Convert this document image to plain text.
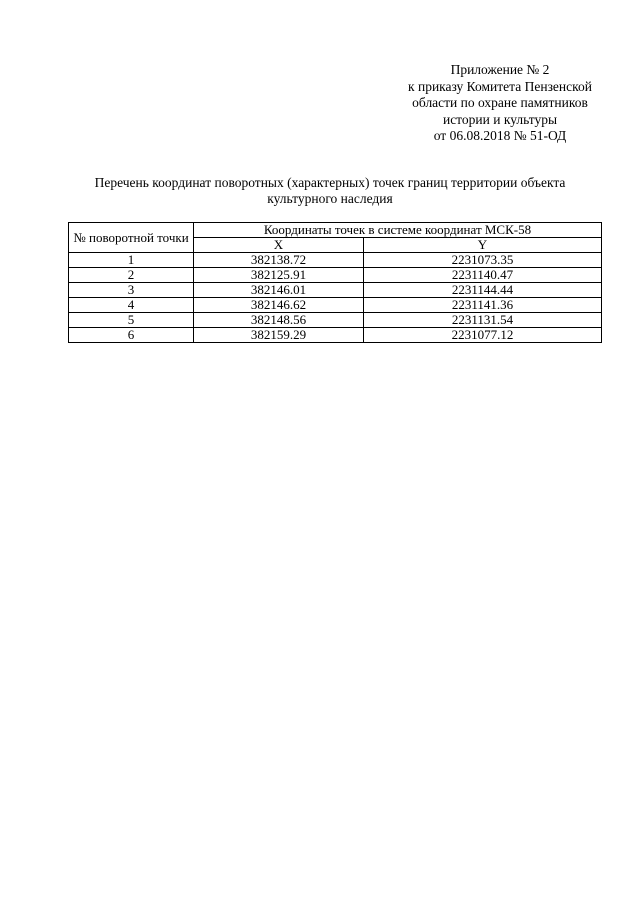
Приложение № 2
к приказу Комитета Пензенской
области по охране памятников
истории и культуры
от 06.08.2018 № 51-ОД
Перечень координат поворотных (характерных) точек границ территории объекта
культурного наследия
№ поворотной точки	Координаты точек в системе координат МСК-58	
	X	Y
1	382138.72	2231073.35
2	382125.91	2231140.47
3	382146.01	2231144.44
4	382146.62	2231141.36
5	382148.56	2231131.54
6	382159.29	2231077.12
